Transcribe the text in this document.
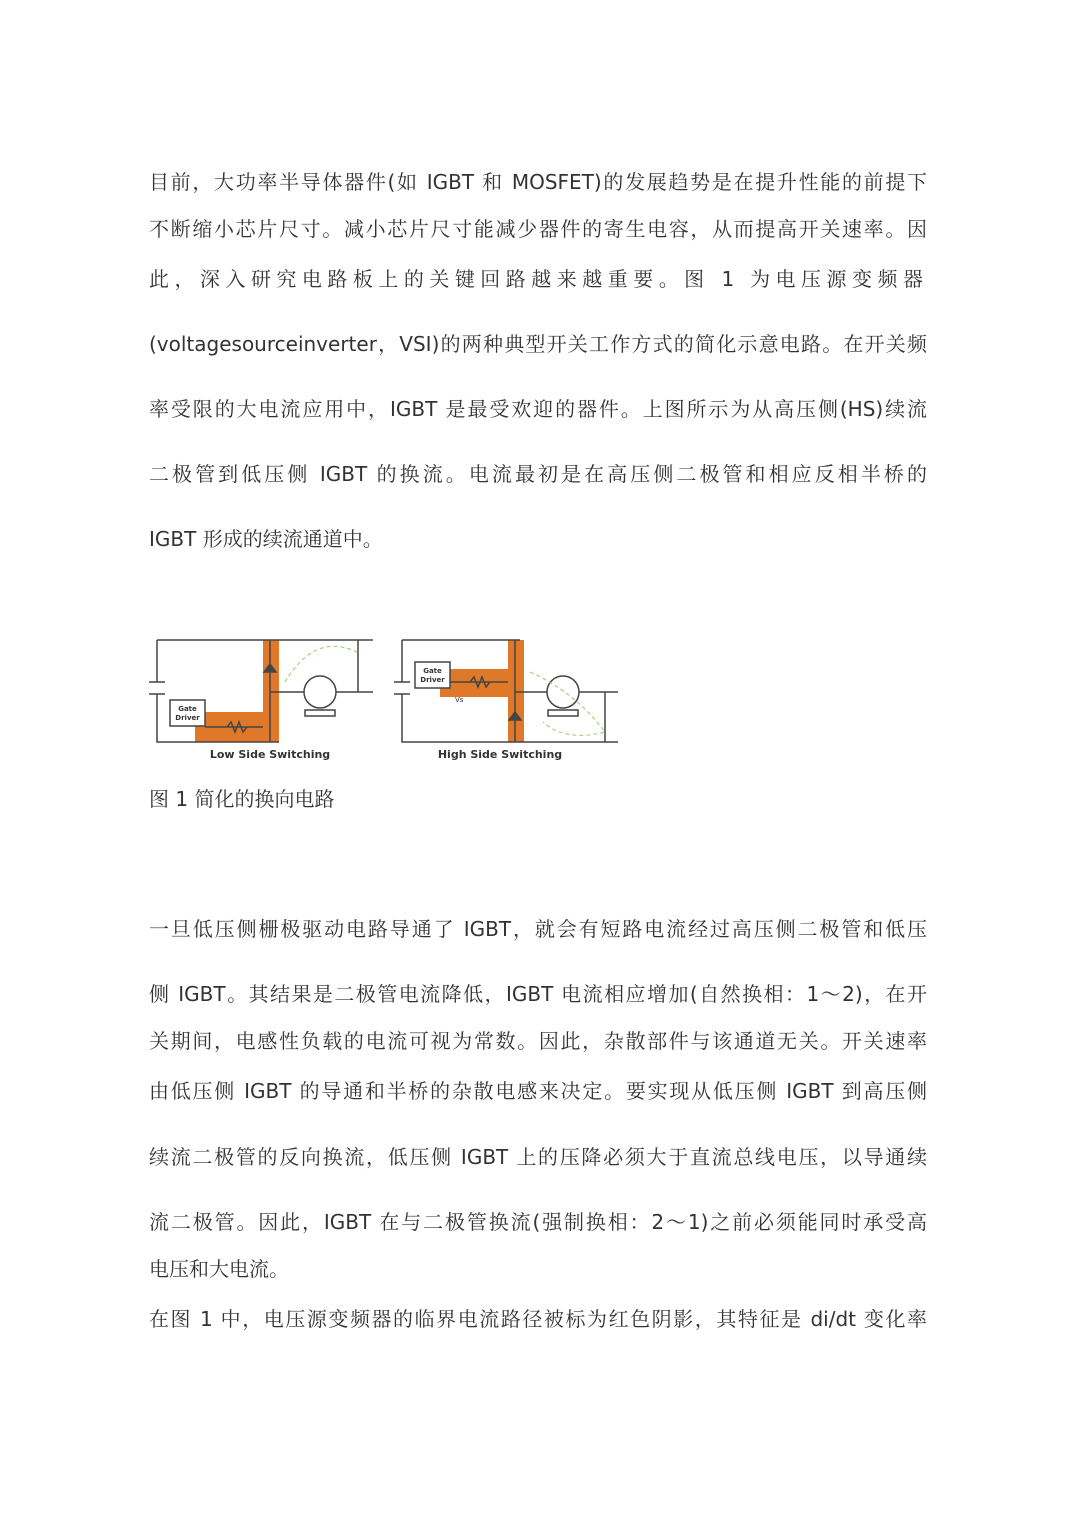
目前，大功率半导体器件(如 IGBT 和 MOSFET)的发展趋势是在提升性能的前提下
不断缩小芯片尺寸。减小芯片尺寸能减少器件的寄生电容，从而提高开关速率。因
此，深入研究电路板上的关键回路越来越重要。图 1 为电压源变频器
(voltagesourceinverter，VSI)的两种典型开关工作方式的简化示意电路。在开关频
率受限的大电流应用中，IGBT 是最受欢迎的器件。上图所示为从高压侧(HS)续流
二极管到低压侧 IGBT 的换流。电流最初是在高压侧二极管和相应反相半桥的
IGBT 形成的续流通道中。
Gate
Driver
Low Side Switching
Gate
Driver
Vs
High Side Switching
图 1 简化的换向电路
一旦低压侧栅极驱动电路导通了 IGBT，就会有短路电流经过高压侧二极管和低压
侧 IGBT。其结果是二极管电流降低，IGBT 电流相应增加(自然换相：1～2)，在开
关期间，电感性负载的电流可视为常数。因此，杂散部件与该通道无关。开关速率
由低压侧 IGBT 的导通和半桥的杂散电感来决定。要实现从低压侧 IGBT 到高压侧
续流二极管的反向换流，低压侧 IGBT 上的压降必须大于直流总线电压，以导通续
流二极管。因此，IGBT 在与二极管换流(强制换相：2～1)之前必须能同时承受高
电压和大电流。
在图 1 中，电压源变频器的临界电流路径被标为红色阴影，其特征是 di/dt 变化率
